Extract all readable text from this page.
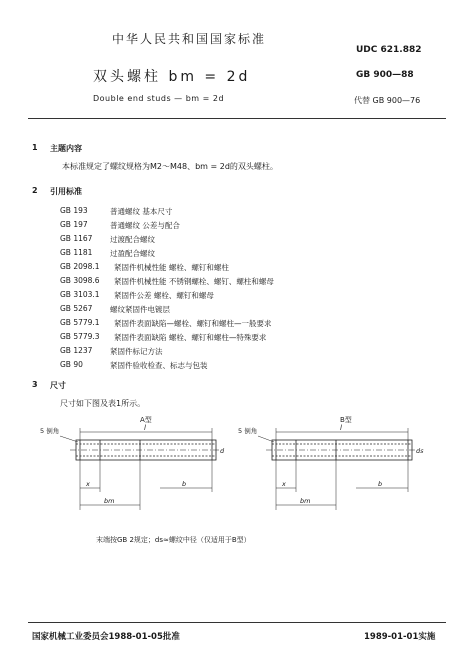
中华人民共和国国家标准
UDC 621.882
双头螺柱 bm = 2d	GB 900—88
Double end studs — bm = 2d	代替 GB 900—76
1 主题内容
本标准规定了螺纹规格为M2～M48、bm = 2d的双头螺柱。
2 引用标准
GB 193	普通螺纹 基本尺寸
GB 197	普通螺纹 公差与配合
GB 1167 过渡配合螺纹
GB 1181 过盈配合螺纹
GB 2098.1 紧固件机械性能 螺栓、螺钉和螺柱
GB 3098.6 紧固件机械性能 不锈钢螺栓、螺钉、螺柱和螺母
GB 3103.1 紧固件公差 螺栓、螺钉和螺母
GB 5267 螺纹紧固件电镀层
GB 5779.1 紧固件表面缺陷—螺栓、螺钉和螺柱—一般要求
GB 5779.3 紧固件表面缺陷 螺栓、螺钉和螺柱—特殊要求
GB 1237 紧固件标记方法
GB 90	紧固件验收检查、标志与包装
3 尺寸
尺寸如下图及表1所示。
A型	B型
l	l
x	x
bm	bm
b	b
d	ds
5 倒角	5 倒角
末端按GB 2规定；ds≈螺纹中径（仅适用于B型）
国家机械工业委员会1988-01-05批准	1989-01-01实施
